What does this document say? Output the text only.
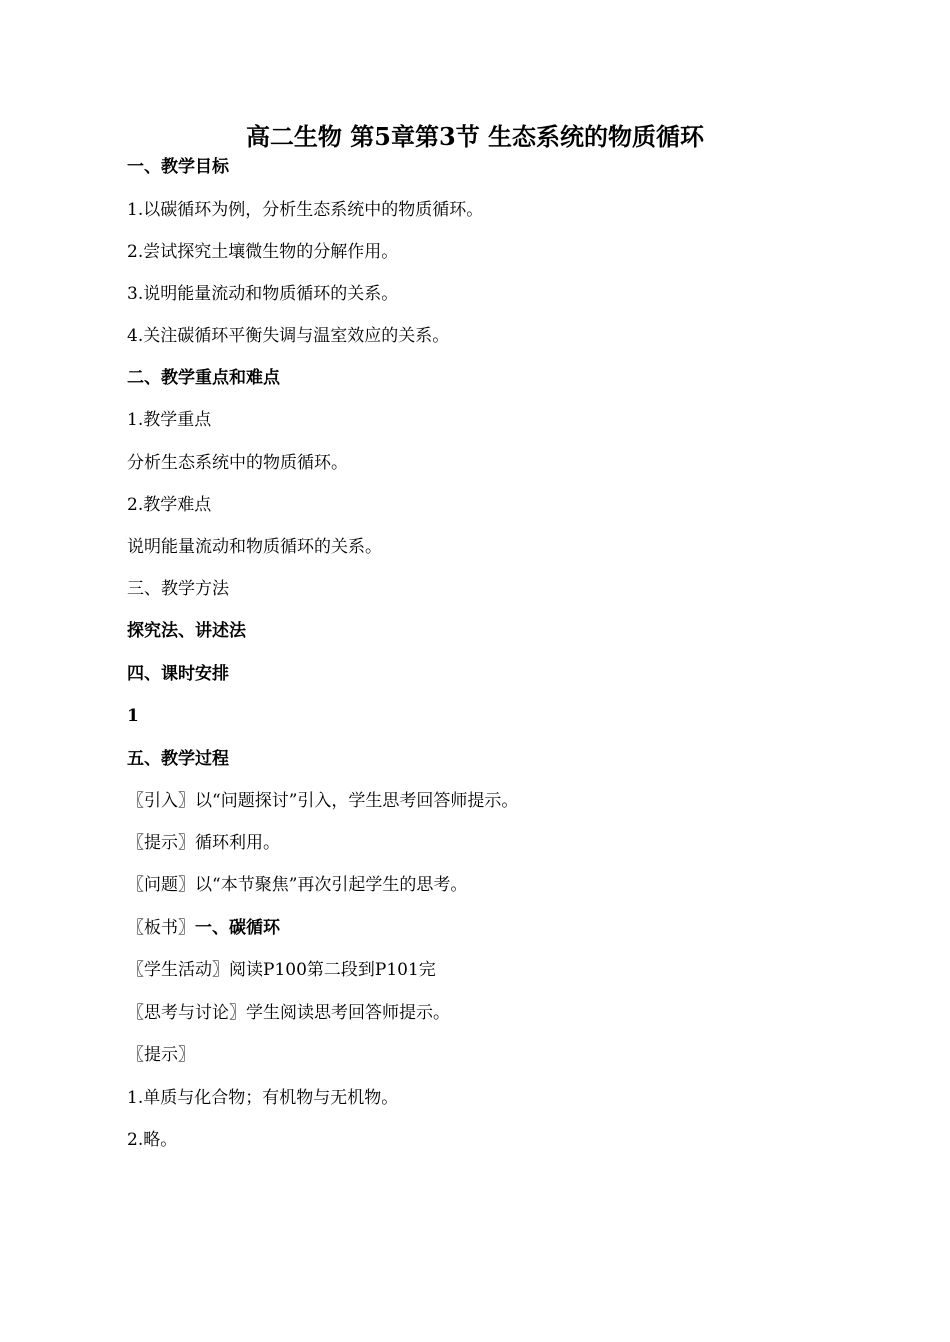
高二生物 第5章第3节 生态系统的物质循环
一、教学目标
1.以碳循环为例，分析生态系统中的物质循环。
2.尝试探究土壤微生物的分解作用。
3.说明能量流动和物质循环的关系。
4.关注碳循环平衡失调与温室效应的关系。
二、教学重点和难点
1.教学重点
分析生态系统中的物质循环。
2.教学难点
说明能量流动和物质循环的关系。
三、教学方法
探究法、讲述法
四、课时安排
1
五、教学过程
〖引入〗以“问题探讨”引入，学生思考回答师提示。
〖提示〗循环利用。
〖问题〗以“本节聚焦”再次引起学生的思考。
〖板书〗一、碳循环
〖学生活动〗阅读P100第二段到P101完
〖思考与讨论〗学生阅读思考回答师提示。
〖提示〗
1.单质与化合物；有机物与无机物。
2.略。
